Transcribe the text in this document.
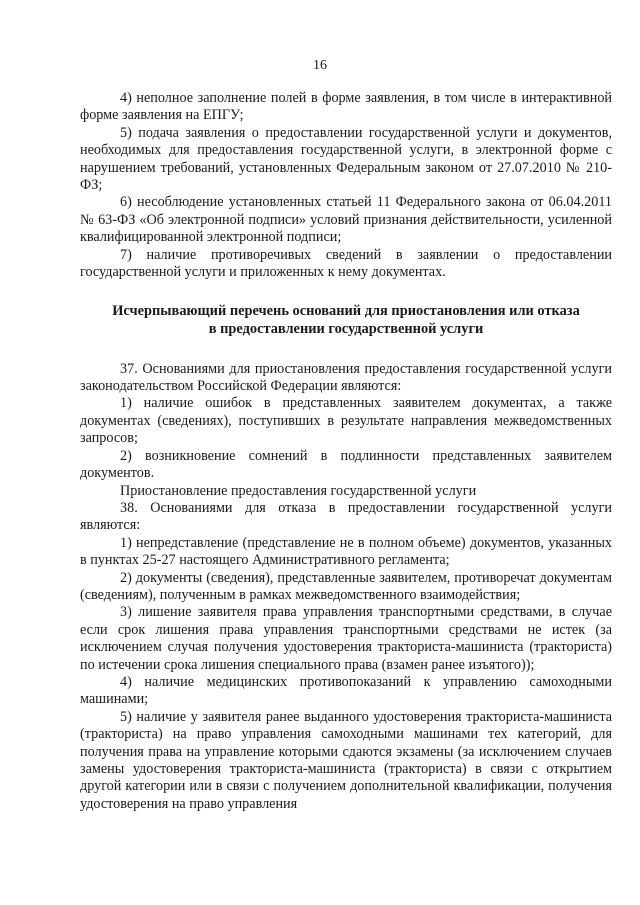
16

4) неполное заполнение полей в форме заявления, в том числе в интерактивной форме заявления на ЕПГУ;

5) подача заявления о предоставлении государственной услуги и документов, необходимых для предоставления государственной услуги, в электронной форме с нарушением требований, установленных Федеральным законом от 27.07.2010 № 210-ФЗ;

6) несоблюдение установленных статьей 11 Федерального закона от 06.04.2011 № 63-ФЗ «Об электронной подписи» условий признания действительности, усиленной квалифицированной электронной подписи;

7) наличие противоречивых сведений в заявлении о предоставлении государственной услуги и приложенных к нему документах.

Исчерпывающий перечень оснований для приостановления или отказа
в предоставлении государственной услуги

37. Основаниями для приостановления предоставления государственной услуги законодательством Российской Федерации являются:

1) наличие ошибок в представленных заявителем документах, а также документах (сведениях), поступивших в результате направления межведомственных запросов;

2) возникновение сомнений в подлинности представленных заявителем документов.

Приостановление предоставления государственной услуги

38. Основаниями для отказа в предоставлении государственной услуги являются:

1) непредставление (представление не в полном объеме) документов, указанных в пунктах 25-27 настоящего Административного регламента;

2) документы (сведения), представленные заявителем, противоречат документам (сведениям), полученным в рамках межведомственного взаимодействия;

3) лишение заявителя права управления транспортными средствами, в случае если срок лишения права управления транспортными средствами не истек (за исключением случая получения удостоверения тракториста-машиниста (тракториста) по истечении срока лишения специального права (взамен ранее изъятого));

4) наличие медицинских противопоказаний к управлению самоходными машинами;

5) наличие у заявителя ранее выданного удостоверения тракториста-машиниста (тракториста) на право управления самоходными машинами тех категорий, для получения права на управление которыми сдаются экзамены (за исключением случаев замены удостоверения тракториста-машиниста (тракториста) в связи с открытием другой категории или в связи с получением дополнительной квалификации, получения удостоверения на право управления
